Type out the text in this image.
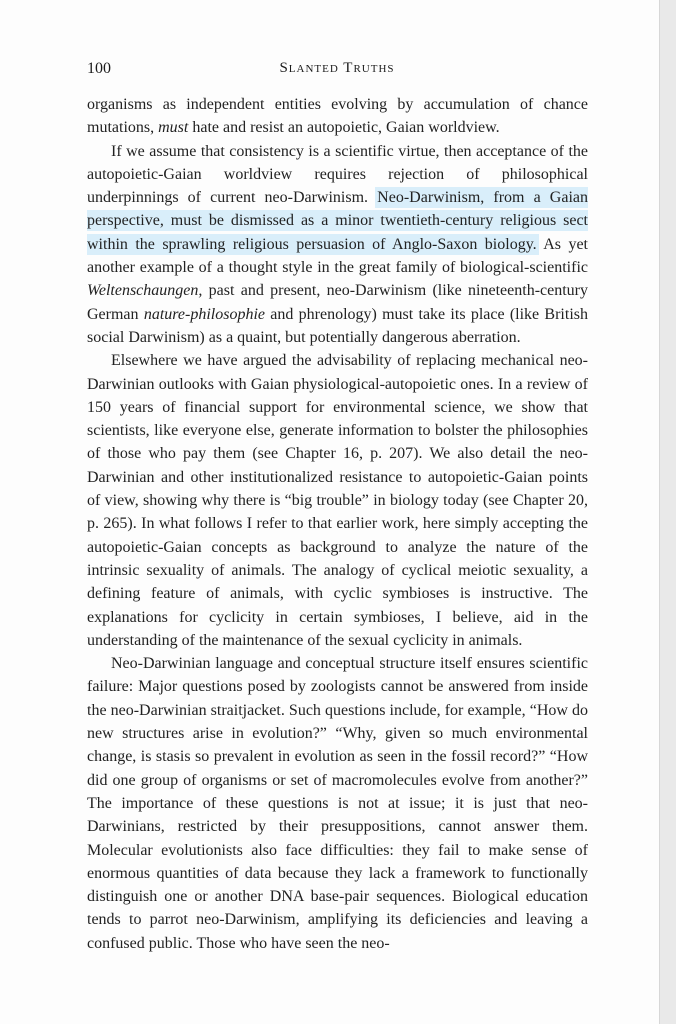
100	Slanted Truths

organisms as independent entities evolving by accumulation of chance mutations, must hate and resist an autopoietic, Gaian worldview.

If we assume that consistency is a scientific virtue, then acceptance of the autopoietic-Gaian worldview requires rejection of philosophical underpinnings of current neo-Darwinism. Neo-Darwinism, from a Gaian perspective, must be dismissed as a minor twentieth-century religious sect within the sprawling religious persuasion of Anglo-Saxon biology. As yet another example of a thought style in the great family of biological-scientific Weltenschaungen, past and present, neo-Darwinism (like nineteenth-century German nature-philosophie and phrenology) must take its place (like British social Darwinism) as a quaint, but potentially dangerous aberration.

Elsewhere we have argued the advisability of replacing mechanical neo-Darwinian outlooks with Gaian physiological-autopoietic ones. In a review of 150 years of financial support for environmental science, we show that scientists, like everyone else, generate information to bolster the philosophies of those who pay them (see Chapter 16, p. 207). We also detail the neo-Darwinian and other institutionalized resistance to autopoietic-Gaian points of view, showing why there is “big trouble” in biology today (see Chapter 20, p. 265). In what follows I refer to that earlier work, here simply accepting the autopoietic-Gaian concepts as background to analyze the nature of the intrinsic sexuality of animals. The analogy of cyclical meiotic sexuality, a defining feature of animals, with cyclic symbioses is instructive. The explanations for cyclicity in certain symbioses, I believe, aid in the understanding of the maintenance of the sexual cyclicity in animals.

Neo-Darwinian language and conceptual structure itself ensures scientific failure: Major questions posed by zoologists cannot be answered from inside the neo-Darwinian straitjacket. Such questions include, for example, “How do new structures arise in evolution?” “Why, given so much environmental change, is stasis so prevalent in evolution as seen in the fossil record?” “How did one group of organisms or set of macromolecules evolve from another?” The importance of these questions is not at issue; it is just that neo-Darwinians, restricted by their presuppositions, cannot answer them. Molecular evolutionists also face difficulties: they fail to make sense of enormous quantities of data because they lack a framework to functionally distinguish one or another DNA base-pair sequences. Biological education tends to parrot neo-Darwinism, amplifying its deficiencies and leaving a confused public. Those who have seen the neo-
